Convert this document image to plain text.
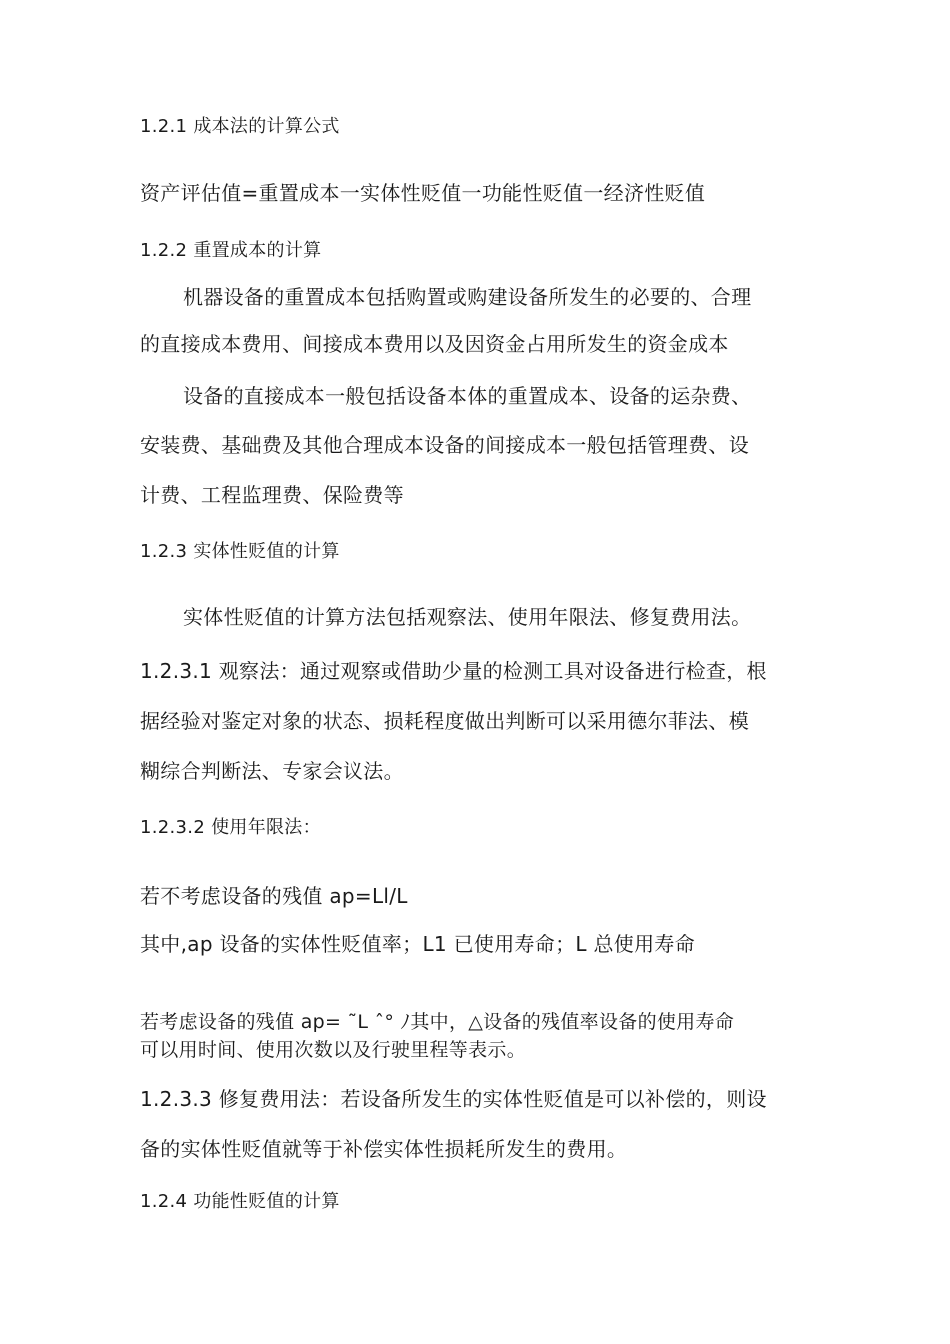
1.2.1 成本法的计算公式
资产评估值=重置成本一实体性贬值一功能性贬值一经济性贬值
1.2.2 重置成本的计算
机器设备的重置成本包括购置或购建设备所发生的必要的、合理
的直接成本费用、间接成本费用以及因资金占用所发生的资金成本
设备的直接成本一般包括设备本体的重置成本、设备的运杂费、
安装费、基础费及其他合理成本设备的间接成本一般包括管理费、设
计费、工程监理费、保险费等
1.2.3 实体性贬值的计算
实体性贬值的计算方法包括观察法、使用年限法、修复费用法。
1.2.3.1 观察法：通过观察或借助少量的检测工具对设备进行检查，根
据经验对鉴定对象的状态、损耗程度做出判断可以采用德尔菲法、模
糊综合判断法、专家会议法。
1.2.3.2 使用年限法：
若不考虑设备的残值 ap=Ll/L
其中,ap 设备的实体性贬值率；L1 已使用寿命；L 总使用寿命
若考虑设备的残值 ap= ˜L ˆ° ﾉ其中，△设备的残值率设备的使用寿命
可以用时间、使用次数以及行驶里程等表示。
1.2.3.3 修复费用法：若设备所发生的实体性贬值是可以补偿的，则设
备的实体性贬值就等于补偿实体性损耗所发生的费用。
1.2.4 功能性贬值的计算
